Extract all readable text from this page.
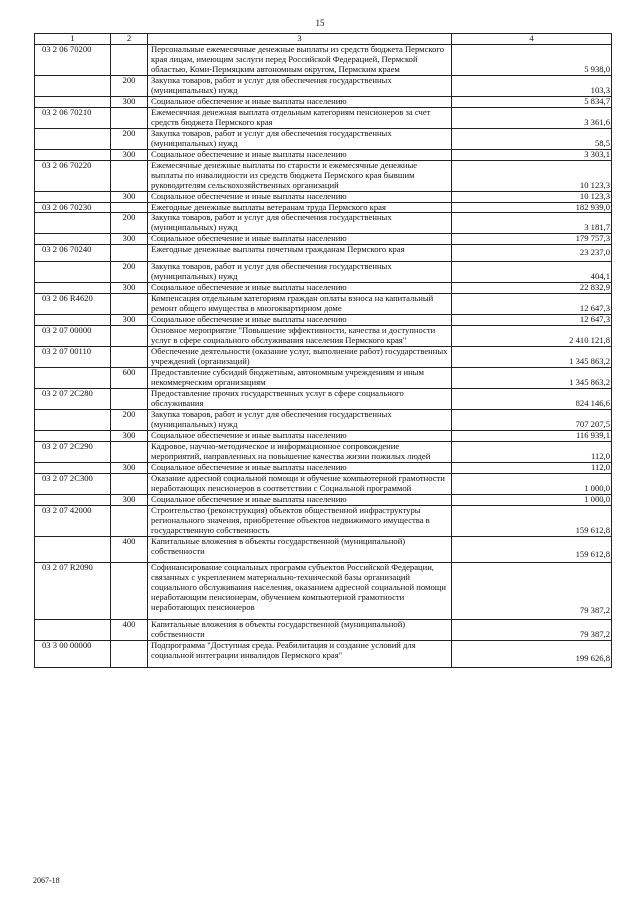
15
1	2	3	4
03 2 06 70200		Персональные ежемесячные денежные выплаты из средств бюджета Пермского края лицам, имеющим заслуги перед Российской Федерацией, Пермской областью, Коми-Пермяцким автономным округом, Пермским краем	5 938,0
	200	Закупка товаров, работ и услуг для обеспечения государственных (муниципальных) нужд	103,3
	300	Социальное обеспечение и иные выплаты населению	5 834,7
03 2 06 70210		Ежемесячная денежная выплата отдельным категориям пенсионеров за счет средств бюджета Пермского края	3 361,6
	200	Закупка товаров, работ и услуг для обеспечения государственных (муниципальных) нужд	58,5
	300	Социальное обеспечение и иные выплаты населению	3 303,1
03 2 06 70220		Ежемесячные денежные выплаты по старости и ежемесячные денежные выплаты по инвалидности из средств бюджета Пермского края бывшим руководителям сельскохозяйственных организаций	10 123,3
	300	Социальное обеспечение и иные выплаты населению	10 123,3
03 2 06 70230		Ежегодные денежные выплаты ветеранам труда Пермского края	182 939,0
	200	Закупка товаров, работ и услуг для обеспечения государственных (муниципальных) нужд	3 181,7
	300	Социальное обеспечение и иные выплаты населению	179 757,3
03 2 06 70240		Ежегодные денежные выплаты почетным гражданам Пермского края	23 237,0
	200	Закупка товаров, работ и услуг для обеспечения государственных (муниципальных) нужд	404,1
	300	Социальное обеспечение и иные выплаты населению	22 832,9
03 2 06 R4620		Компенсация отдельным категориям граждан оплаты взноса на капитальный ремонт общего имущества в многоквартирном доме	12 647,3
	300	Социальное обеспечение и иные выплаты населению	12 647,3
03 2 07 00000		Основное мероприятие "Повышение эффективности, качества и доступности услуг в сфере социального обслуживания населения Пермского края"	2 410 121,8
03 2 07 00110		Обеспечение деятельности (оказание услуг, выполнение работ) государственных учреждений (организаций)	1 345 863,2
	600	Предоставление субсидий бюджетным, автономным учреждениям и иным некоммерческим организациям	1 345 863,2
03 2 07 2С280		Предоставление прочих государственных услуг в сфере социального обслуживания	824 146,6
	200	Закупка товаров, работ и услуг для обеспечения государственных (муниципальных) нужд	707 207,5
	300	Социальное обеспечение и иные выплаты населению	116 939,1
03 2 07 2С290		Кадровое, научно-методическое и информационное сопровождение мероприятий, направленных на повышение качества жизни пожилых людей	112,0
	300	Социальное обеспечение и иные выплаты населению	112,0
03 2 07 2С300		Оказание адресной социальной помощи и обучение компьютерной грамотности неработающих пенсионеров в соответствии с Социальной программой	1 000,0
	300	Социальное обеспечение и иные выплаты населению	1 000,0
03 2 07 42000		Строительство (реконструкция) объектов общественной инфраструктуры регионального значения, приобретение объектов недвижимого имущества в государственную собственность	159 612,8
	400	Капитальные вложения в объекты государственной (муниципальной) собственности	159 612,8
03 2 07 R2090		Софинансирование социальных программ субъектов Российской Федерации, связанных с укреплением материально-технической базы организаций социального обслуживания населения, оказанием адресной социальной помощи неработающим пенсионерам, обучением компьютерной грамотности неработающих пенсионеров	79 387,2
	400	Капитальные вложения в объекты государственной (муниципальной) собственности	79 387,2
03 3 00 00000		Подпрограмма "Доступная среда. Реабилитация и создание условий для социальной интеграции инвалидов Пермского края"	199 626,8
2067-18
